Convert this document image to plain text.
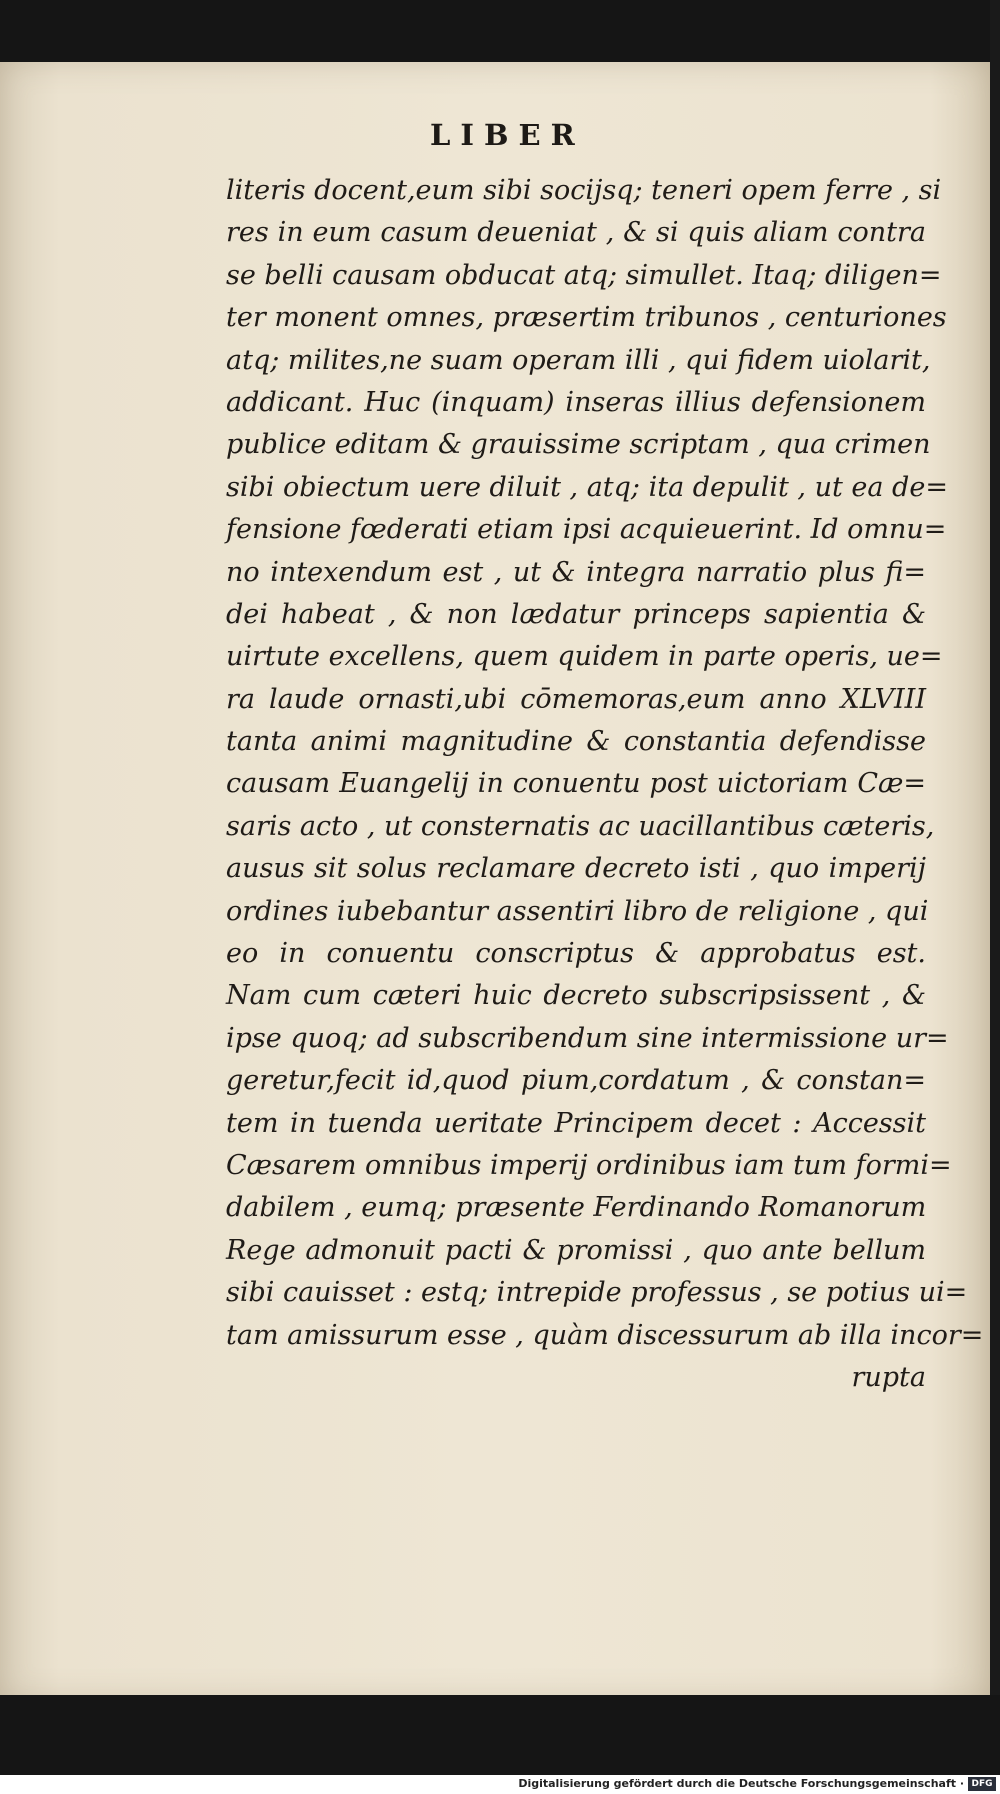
LIBER
literis docent,eum sibi socijsq; teneri opem ferre , si
res in eum casum deueniat , & si quis aliam contra
se belli causam obducat atq; simullet. Itaq; diligen=
ter monent omnes, præsertim tribunos , centuriones
atq; milites,ne suam operam illi , qui fidem uiolarit,
addicant. Huc (inquam) inseras illius defensionem
publice editam & grauissime scriptam , qua crimen
sibi obiectum uere diluit , atq; ita depulit , ut ea de=
fensione fœderati etiam ipsi acquieuerint. Id omnu=
no intexendum est , ut & integra narratio plus fi=
dei habeat , & non lædatur princeps sapientia &
uirtute excellens, quem quidem in parte operis, ue=
ra laude ornasti,ubi cōmemoras,eum anno XLVIII
tanta animi magnitudine & constantia defendisse
causam Euangelij in conuentu post uictoriam Cæ=
saris acto , ut consternatis ac uacillantibus cæteris,
ausus sit solus reclamare decreto isti , quo imperij
ordines iubebantur assentiri libro de religione , qui
eo in conuentu conscriptus & approbatus est.
Nam cum cæteri huic decreto subscripsissent , &
ipse quoq; ad subscribendum sine intermissione ur=
geretur,fecit id,quod pium,cordatum , & constan=
tem in tuenda ueritate Principem decet : Accessit
Cæsarem omnibus imperij ordinibus iam tum formi=
dabilem , eumq; præsente Ferdinando Romanorum
Rege admonuit pacti & promissi , quo ante bellum
sibi cauisset : estq; intrepide professus , se potius ui=
tam amissurum esse , quàm discessurum ab illa incor=
rupta
Digitalisierung gefördert durch die Deutsche Forschungsgemeinschaft · DFG
